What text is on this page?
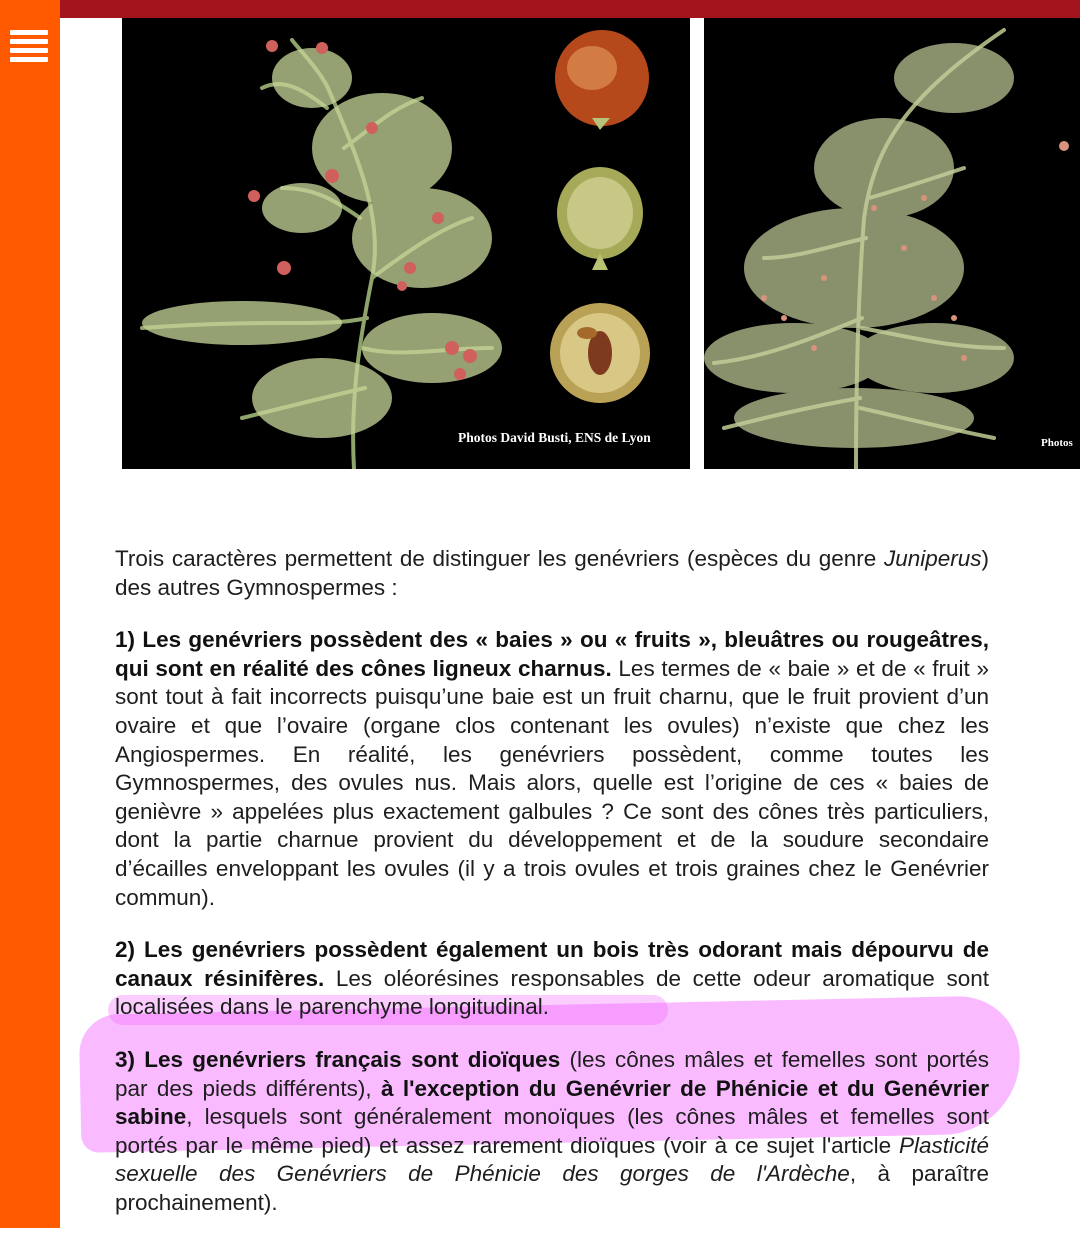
Photos David Busti, ENS de Lyon	Photos

Trois caractères permettent de distinguer les genévriers (espèces du genre Juniperus) des autres Gymnospermes :

1) Les genévriers possèdent des « baies » ou « fruits », bleuâtres ou rougeâtres, qui sont en réalité des cônes ligneux charnus. Les termes de « baie » et de « fruit » sont tout à fait incorrects puisqu’une baie est un fruit charnu, que le fruit provient d’un ovaire et que l’ovaire (organe clos contenant les ovules) n’existe que chez les Angiospermes. En réalité, les genévriers possèdent, comme toutes les Gymnospermes, des ovules nus. Mais alors, quelle est l’origine de ces « baies de genièvre » appelées plus exactement galbules ? Ce sont des cônes très particuliers, dont la partie charnue provient du développement et de la soudure secondaire d’écailles enveloppant les ovules (il y a trois ovules et trois graines chez le Genévrier commun).

2) Les genévriers possèdent également un bois très odorant mais dépourvu de canaux résinifères. Les oléorésines responsables de cette odeur aromatique sont localisées dans le parenchyme longitudinal.

3) Les genévriers français sont dioïques (les cônes mâles et femelles sont portés par des pieds différents), à l'exception du Genévrier de Phénicie et du Genévrier sabine, lesquels sont généralement monoïques (les cônes mâles et femelles sont portés par le même pied) et assez rarement dioïques (voir à ce sujet l'article Plasticité sexuelle des Genévriers de Phénicie des gorges de l'Ardèche, à paraître prochainement).
